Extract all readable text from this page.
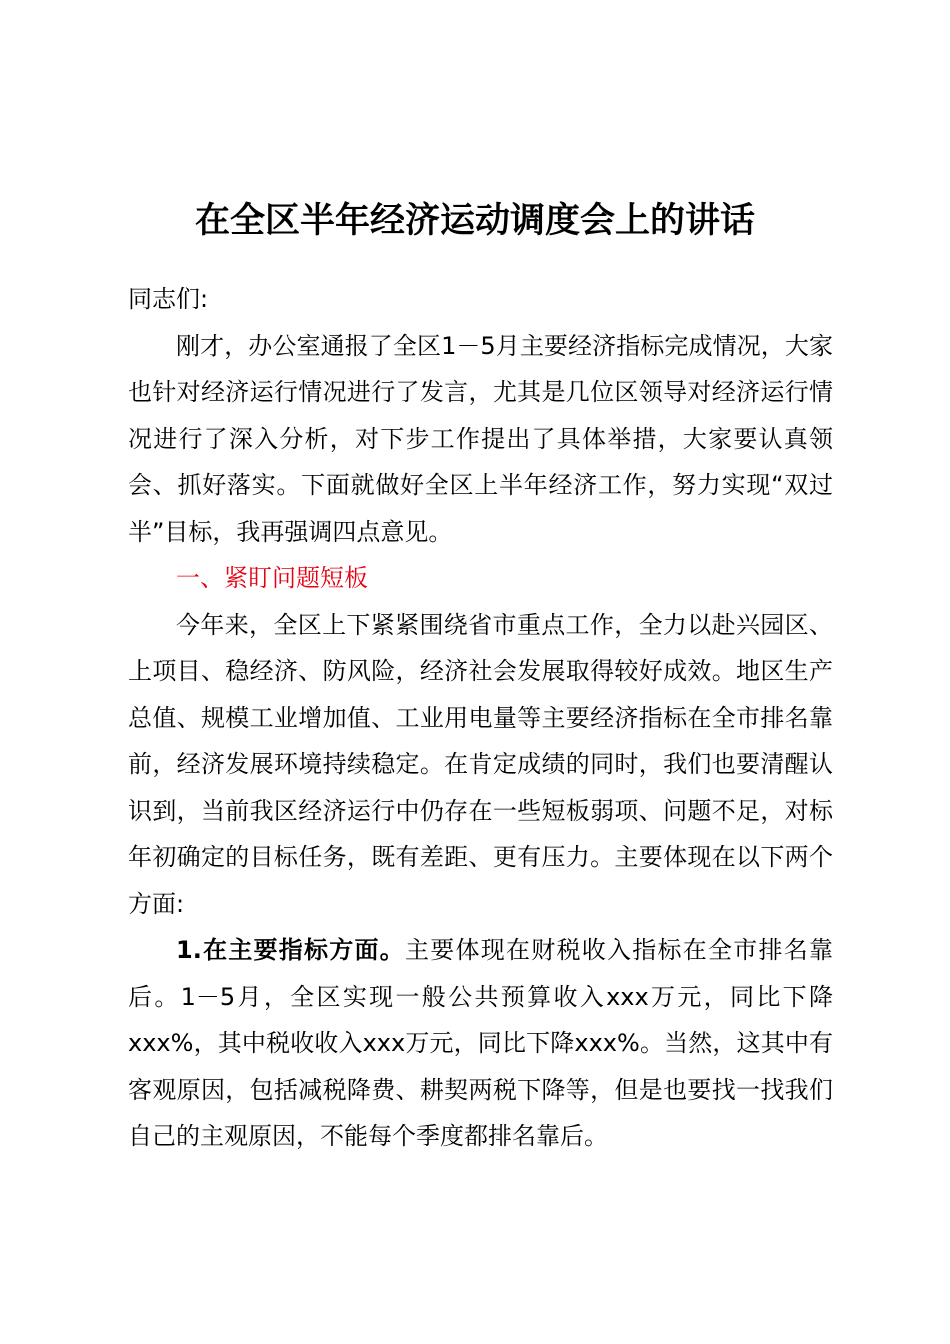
在全区半年经济运动调度会上的讲话

同志们:

刚才，办公室通报了全区1－5月主要经济指标完成情况，大家也针对经济运行情况进行了发言，尤其是几位区领导对经济运行情况进行了深入分析，对下步工作提出了具体举措，大家要认真领会、抓好落实。下面就做好全区上半年经济工作，努力实现“双过半”目标，我再强调四点意见。

一、紧盯问题短板

今年来，全区上下紧紧围绕省市重点工作，全力以赴兴园区、上项目、稳经济、防风险，经济社会发展取得较好成效。地区生产总值、规模工业增加值、工业用电量等主要经济指标在全市排名靠前，经济发展环境持续稳定。在肯定成绩的同时，我们也要清醒认识到，当前我区经济运行中仍存在一些短板弱项、问题不足，对标年初确定的目标任务，既有差距、更有压力。主要体现在以下两个方面:

1.在主要指标方面。主要体现在财税收入指标在全市排名靠后。1－5月，全区实现一般公共预算收入xxx万元，同比下降xxx%，其中税收收入xxx万元，同比下降xxx%。当然，这其中有客观原因，包括减税降费、耕契两税下降等，但是也要找一找我们自己的主观原因，不能每个季度都排名靠后。
